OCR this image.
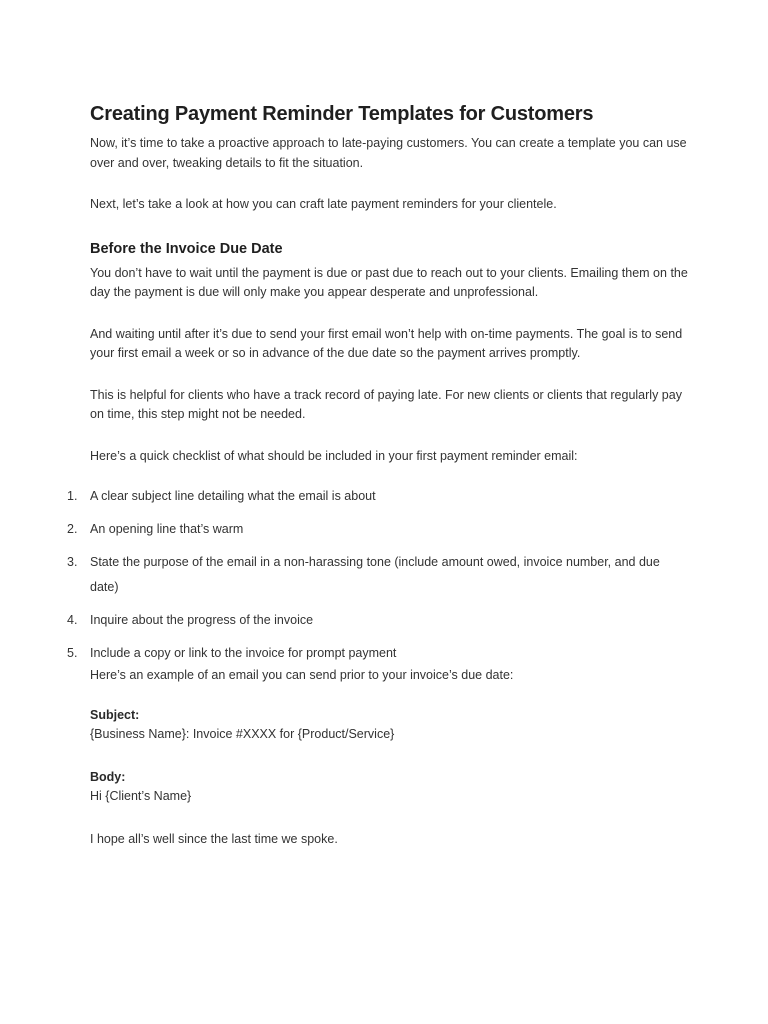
Creating Payment Reminder Templates for Customers

Now, it’s time to take a proactive approach to late-paying customers. You can create a template you can use over and over, tweaking details to fit the situation.

Next, let’s take a look at how you can craft late payment reminders for your clientele.

Before the Invoice Due Date

You don’t have to wait until the payment is due or past due to reach out to your clients. Emailing them on the day the payment is due will only make you appear desperate and unprofessional.

And waiting until after it’s due to send your first email won’t help with on-time payments. The goal is to send your first email a week or so in advance of the due date so the payment arrives promptly.

This is helpful for clients who have a track record of paying late. For new clients or clients that regularly pay on time, this step might not be needed.

Here’s a quick checklist of what should be included in your first payment reminder email:

1.	A clear subject line detailing what the email is about
2.	An opening line that’s warm
3.	State the purpose of the email in a non-harassing tone (include amount owed, invoice number, and due date)
4.	Inquire about the progress of the invoice
5.	Include a copy or link to the invoice for prompt payment

Here’s an example of an email you can send prior to your invoice’s due date:

Subject:
{Business Name}: Invoice #XXXX for {Product/Service}

Body:
Hi {Client’s Name}

I hope all’s well since the last time we spoke.
